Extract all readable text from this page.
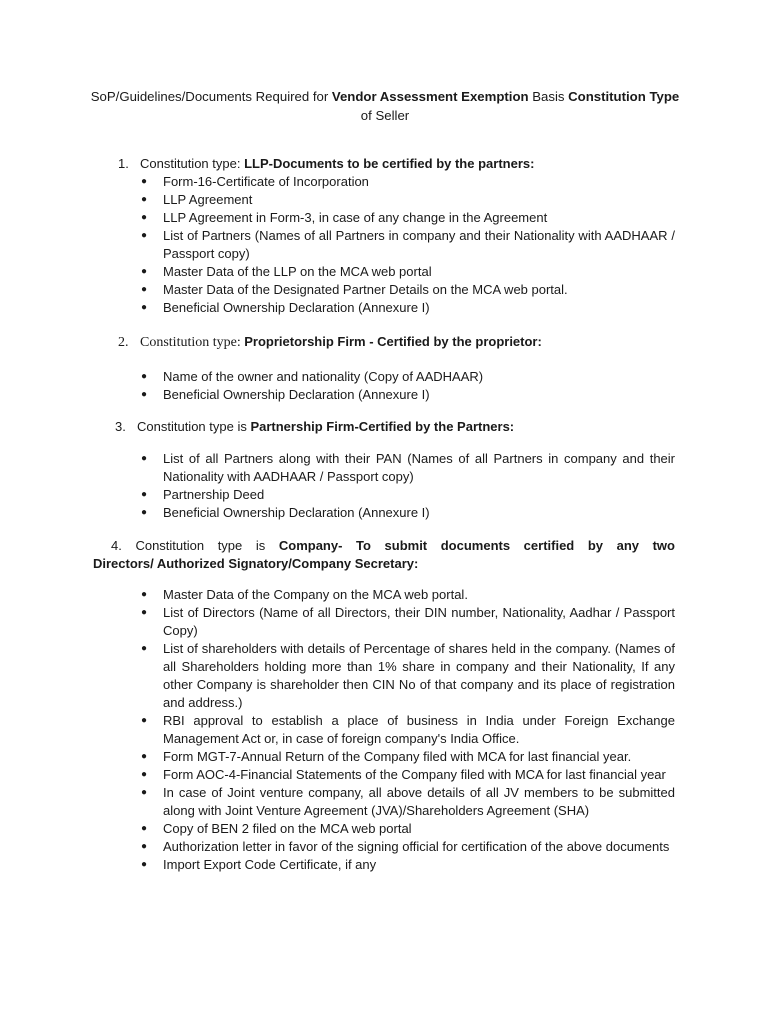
SoP/Guidelines/Documents Required for Vendor Assessment Exemption Basis Constitution Type of Seller
1. Constitution type: LLP-Documents to be certified by the partners:
● Form-16-Certificate of Incorporation
● LLP Agreement
● LLP Agreement in Form-3, in case of any change in the Agreement
● List of Partners (Names of all Partners in company and their Nationality with AADHAAR / Passport copy)
● Master Data of the LLP on the MCA web portal
● Master Data of the Designated Partner Details on the MCA web portal.
● Beneficial Ownership Declaration (Annexure I)
2. Constitution type: Proprietorship Firm - Certified by the proprietor:
● Name of the owner and nationality (Copy of AADHAAR)
● Beneficial Ownership Declaration (Annexure I)
3. Constitution type is Partnership Firm-Certified by the Partners:
● List of all Partners along with their PAN (Names of all Partners in company and their Nationality with AADHAAR / Passport copy)
● Partnership Deed
● Beneficial Ownership Declaration (Annexure I)
4. Constitution type is Company- To submit documents certified by any two
Directors/ Authorized Signatory/Company Secretary:
● Master Data of the Company on the MCA web portal.
● List of Directors (Name of all Directors, their DIN number, Nationality, Aadhar / Passport Copy)
● List of shareholders with details of Percentage of shares held in the company. (Names of all Shareholders holding more than 1% share in company and their Nationality, If any other Company is shareholder then CIN No of that company and its place of registration and address.)
● RBI approval to establish a place of business in India under Foreign Exchange Management Act or, in case of foreign company's India Office.
● Form MGT-7-Annual Return of the Company filed with MCA for last financial year.
● Form AOC-4-Financial Statements of the Company filed with MCA for last financial year
● In case of Joint venture company, all above details of all JV members to be submitted along with Joint Venture Agreement (JVA)/Shareholders Agreement (SHA)
● Copy of BEN 2 filed on the MCA web portal
● Authorization letter in favor of the signing official for certification of the above documents
● Import Export Code Certificate, if any
